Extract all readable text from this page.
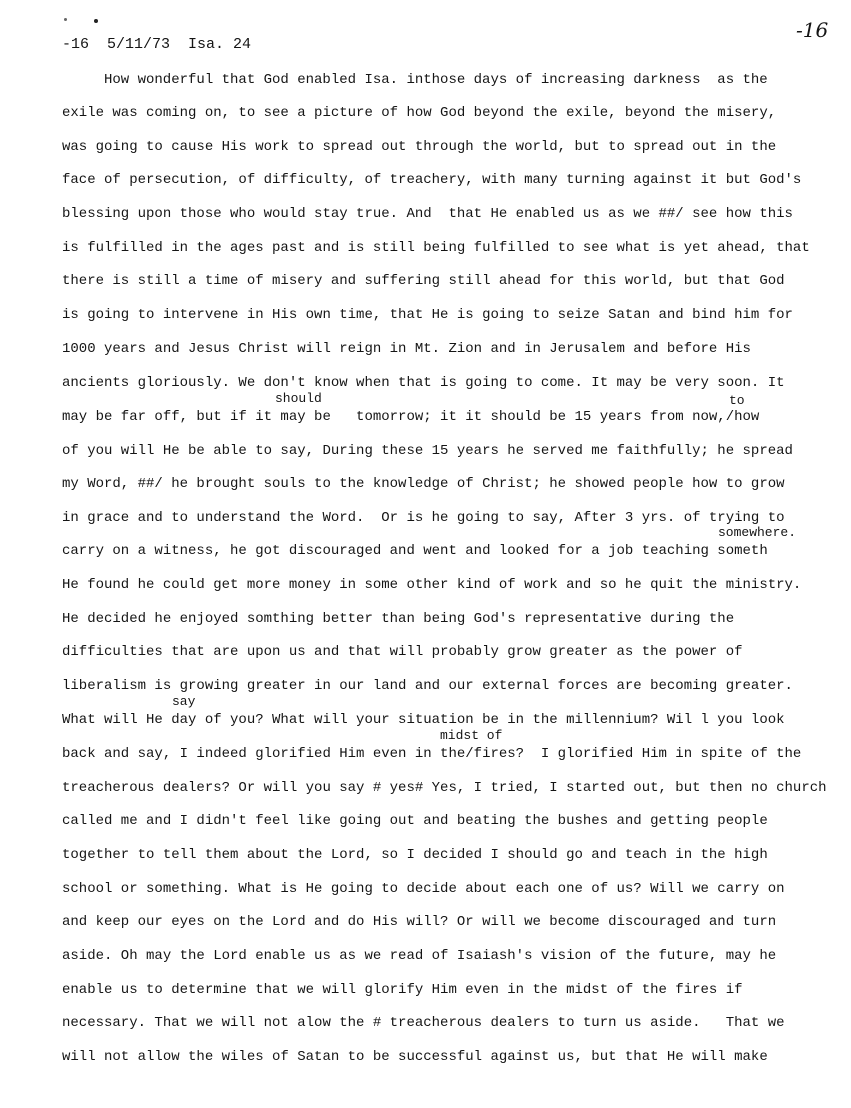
-16  5/11/73  Isa. 24
-16
How wonderful that God enabled Isa. inthose days of increasing darkness  as the
exile was coming on, to see a picture of how God beyond the exile, beyond the misery,
was going to cause His work to spread out through the world, but to spread out in the
face of persecution, of difficulty, of treachery, with many turning against it but God's
blessing upon those who would stay true. And  that He enabled us as we ##/ see how this
is fulfilled in the ages past and is still being fulfilled to see what is yet ahead, that
there is still a time of misery and suffering still ahead for this world, but that God
is going to intervene in His own time, that He is going to seize Satan and bind him for
1000 years and Jesus Christ will reign in Mt. Zion and in Jerusalem and before His
ancients gloriously. We don't know when that is going to come. It may be very soon. It
should	to
may be far off, but if it may be   tomorrow; it it should be 15 years from now,/how
of you will He be able to say, During these 15 years he served me faithfully; he spread
my Word, ##/ he brought souls to the knowledge of Christ; he showed people how to grow
in grace and to understand the Word.  Or is he going to say, After 3 yrs. of trying to
somewhere.
carry on a witness, he got discouraged and went and looked for a job teaching someth
He found he could get more money in some other kind of work and so he quit the ministry.
He decided he enjoyed somthing better than being God's representative during the
difficulties that are upon us and that will probably grow greater as the power of
liberalism is growing greater in our land and our external forces are becoming greater.
say
What will He day of you? What will your situation be in the millennium? Wil l you look
midst of
back and say, I indeed glorified Him even in the/fires?  I glorified Him in spite of the
treacherous dealers? Or will you say # yes# Yes, I tried, I started out, but then no church
called me and I didn't feel like going out and beating the bushes and getting people
together to tell them about the Lord, so I decided I should go and teach in the high
school or something. What is He going to decide about each one of us? Will we carry on
and keep our eyes on the Lord and do His will? Or will we become discouraged and turn
aside. Oh may the Lord enable us as we read of Isaiash's vision of the future, may he
enable us to determine that we will glorify Him even in the midst of the fires if
necessary. That we will not alow the # treacherous dealers to turn us aside.   That we
will not allow the wiles of Satan to be successful against us, but that He will make
